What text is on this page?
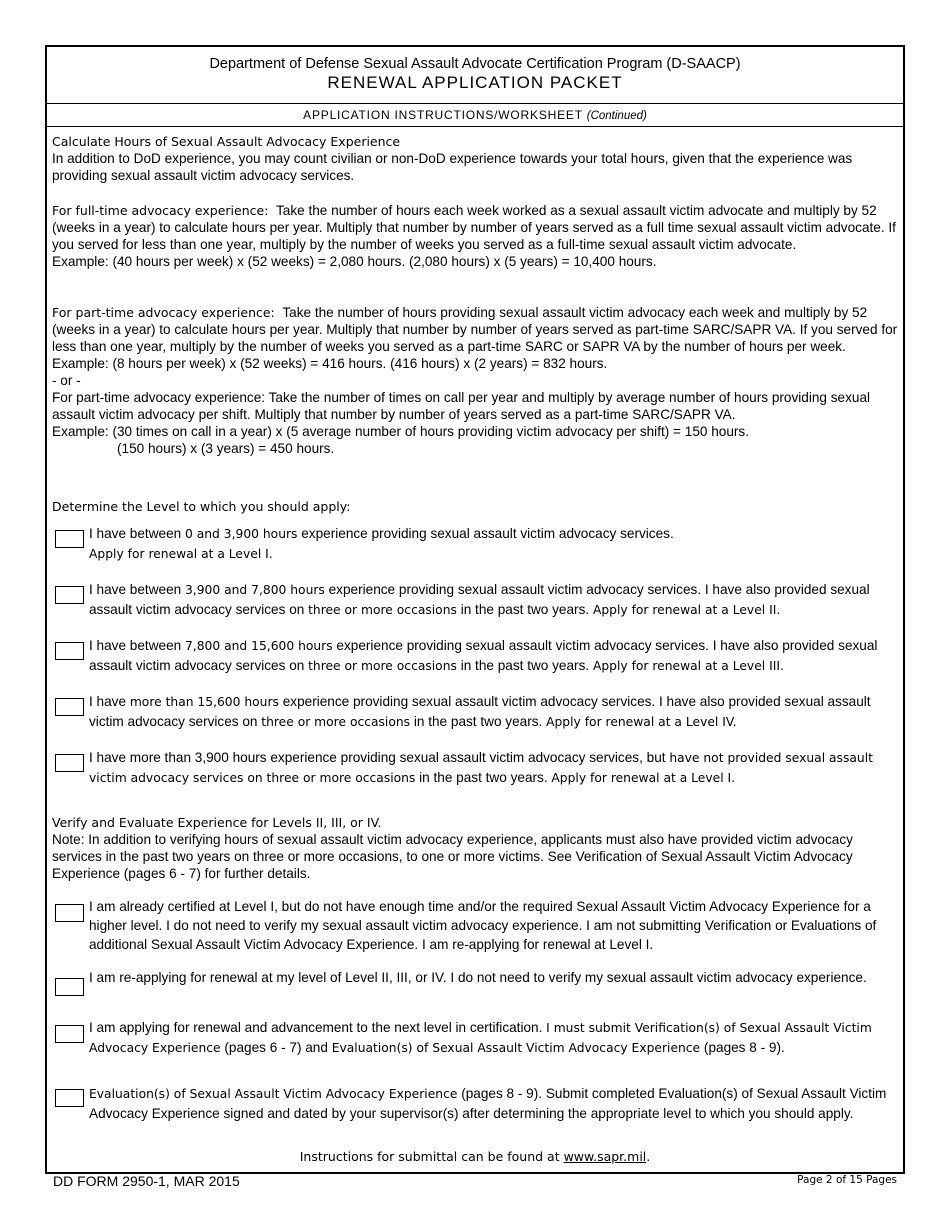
Department of Defense Sexual Assault Advocate Certification Program (D-SAACP)
RENEWAL APPLICATION PACKET
APPLICATION INSTRUCTIONS/WORKSHEET (Continued)
Calculate Hours of Sexual Assault Advocacy Experience
In addition to DoD experience, you may count civilian or non-DoD experience towards your total hours, given that the experience was providing sexual assault victim advocacy services.
For full-time advocacy experience: Take the number of hours each week worked as a sexual assault victim advocate and multiply by 52 (weeks in a year) to calculate hours per year. Multiply that number by number of years served as a full time sexual assault victim advocate. If you served for less than one year, multiply by the number of weeks you served as a full-time sexual assault victim advocate.
Example: (40 hours per week) x (52 weeks) = 2,080 hours. (2,080 hours) x (5 years) = 10,400 hours.
For part-time advocacy experience: Take the number of hours providing sexual assault victim advocacy each week and multiply by 52 (weeks in a year) to calculate hours per year. Multiply that number by number of years served as part-time SARC/SAPR VA. If you served for less than one year, multiply by the number of weeks you served as a part-time SARC or SAPR VA by the number of hours per week.
Example: (8 hours per week) x (52 weeks) = 416 hours. (416 hours) x (2 years) = 832 hours.
- or -
For part-time advocacy experience: Take the number of times on call per year and multiply by average number of hours providing sexual assault victim advocacy per shift. Multiply that number by number of years served as a part-time SARC/SAPR VA.
Example: (30 times on call in a year) x (5 average number of hours providing victim advocacy per shift) = 150 hours.
(150 hours) x (3 years) = 450 hours.
Determine the Level to which you should apply:
I have between 0 and 3,900 hours experience providing sexual assault victim advocacy services.
Apply for renewal at a Level I.
I have between 3,900 and 7,800 hours experience providing sexual assault victim advocacy services. I have also provided sexual assault victim advocacy services on three or more occasions in the past two years. Apply for renewal at a Level II.
I have between 7,800 and 15,600 hours experience providing sexual assault victim advocacy services. I have also provided sexual assault victim advocacy services on three or more occasions in the past two years. Apply for renewal at a Level III.
I have more than 15,600 hours experience providing sexual assault victim advocacy services. I have also provided sexual assault victim advocacy services on three or more occasions in the past two years. Apply for renewal at a Level IV.
I have more than 3,900 hours experience providing sexual assault victim advocacy services, but have not provided sexual assault victim advocacy services on three or more occasions in the past two years. Apply for renewal at a Level I.
Verify and Evaluate Experience for Levels II, III, or IV.
Note: In addition to verifying hours of sexual assault victim advocacy experience, applicants must also have provided victim advocacy services in the past two years on three or more occasions, to one or more victims. See Verification of Sexual Assault Victim Advocacy Experience (pages 6 - 7) for further details.
I am already certified at Level I, but do not have enough time and/or the required Sexual Assault Victim Advocacy Experience for a higher level. I do not need to verify my sexual assault victim advocacy experience. I am not submitting Verification or Evaluations of additional Sexual Assault Victim Advocacy Experience. I am re-applying for renewal at Level I.
I am re-applying for renewal at my level of Level II, III, or IV. I do not need to verify my sexual assault victim advocacy experience.
I am applying for renewal and advancement to the next level in certification. I must submit Verification(s) of Sexual Assault Victim Advocacy Experience (pages 6 - 7) and Evaluation(s) of Sexual Assault Victim Advocacy Experience (pages 8 - 9).
Evaluation(s) of Sexual Assault Victim Advocacy Experience (pages 8 - 9). Submit completed Evaluation(s) of Sexual Assault Victim Advocacy Experience signed and dated by your supervisor(s) after determining the appropriate level to which you should apply.
Instructions for submittal can be found at www.sapr.mil.
DD FORM 2950-1, MAR 2015	Page 2 of 15 Pages
